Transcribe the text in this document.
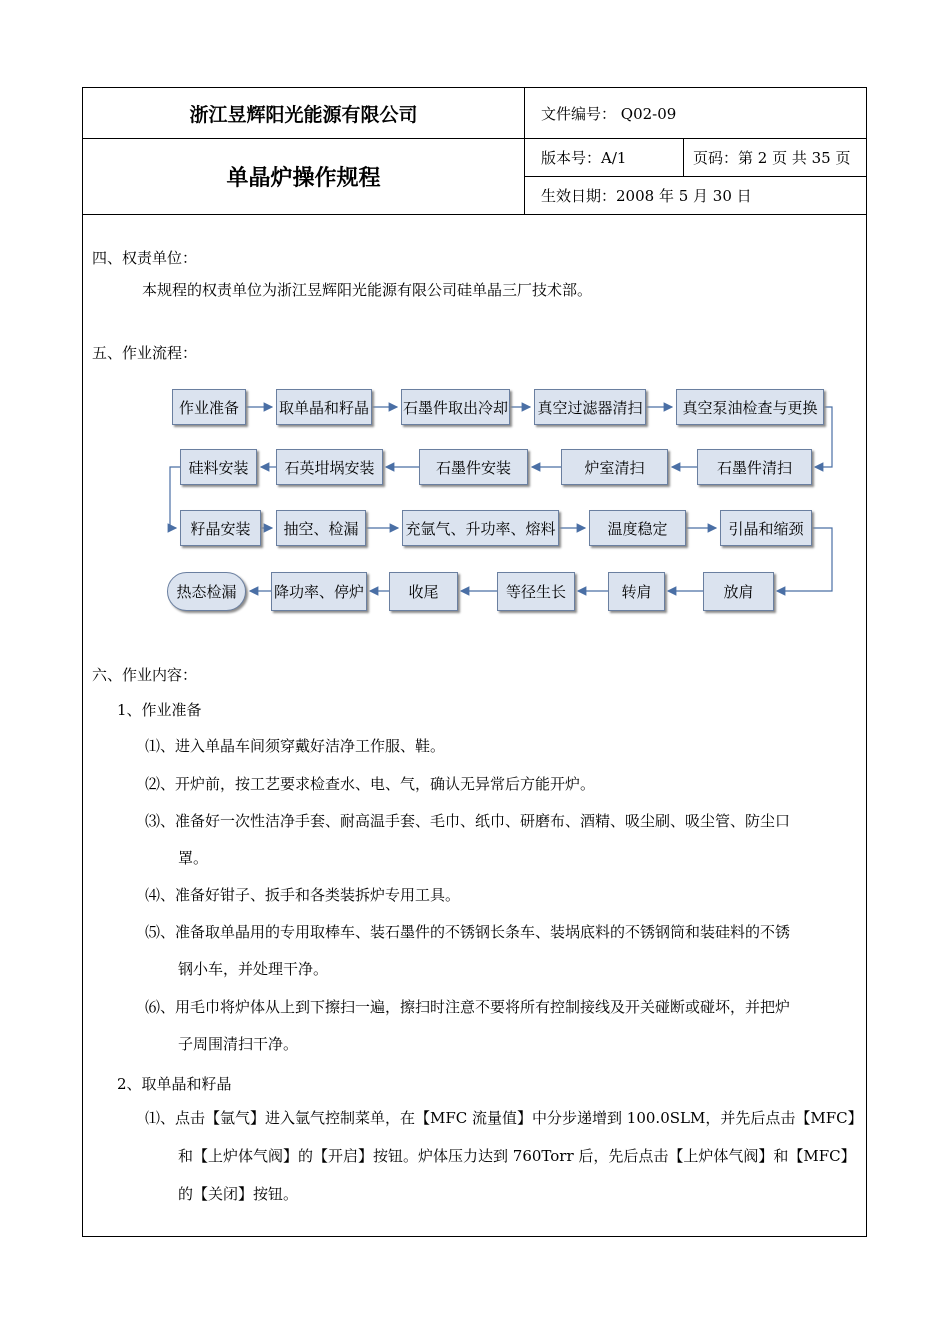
浙江昱辉阳光能源有限公司
单晶炉操作规程
文件编号： Q02-09
版本号：A/1	页码：第 2 页 共 35 页
生效日期：2008 年 5 月 30 日
四、权责单位：
本规程的权责单位为浙江昱辉阳光能源有限公司硅单晶三厂技术部。
五、作业流程：
作业准备	取单晶和籽晶 石墨件取出冷却 真空过滤器清扫	真空泵油检查与更换
硅料安装	石英坩埚安装	石墨件安装	炉室清扫	石墨件清扫
籽晶安装	抽空、检漏	充氩气、升功率、熔料	温度稳定	引晶和缩颈
热态检漏	降功率、停炉	收尾	等径生长	转肩	放肩
六、作业内容：
1、作业准备
⑴、进入单晶车间须穿戴好洁净工作服、鞋。
⑵、开炉前，按工艺要求检查水、电、气，确认无异常后方能开炉。
⑶、准备好一次性洁净手套、耐高温手套、毛巾、纸巾、研磨布、酒精、吸尘刷、吸尘管、防尘口
罩。
⑷、准备好钳子、扳手和各类装拆炉专用工具。
⑸、准备取单晶用的专用取棒车、装石墨件的不锈钢长条车、装埚底料的不锈钢筒和装硅料的不锈
钢小车，并处理干净。
⑹、用毛巾将炉体从上到下擦扫一遍，擦扫时注意不要将所有控制接线及开关碰断或碰坏，并把炉
子周围清扫干净。
2、取单晶和籽晶
⑴、点击【氩气】进入氩气控制菜单，在【MFC 流量值】中分步递增到 100.0SLM，并先后点击【MFC】
和【上炉体气阀】的【开启】按钮。炉体压力达到 760Torr 后，先后点击【上炉体气阀】和【MFC】
的【关闭】按钮。
